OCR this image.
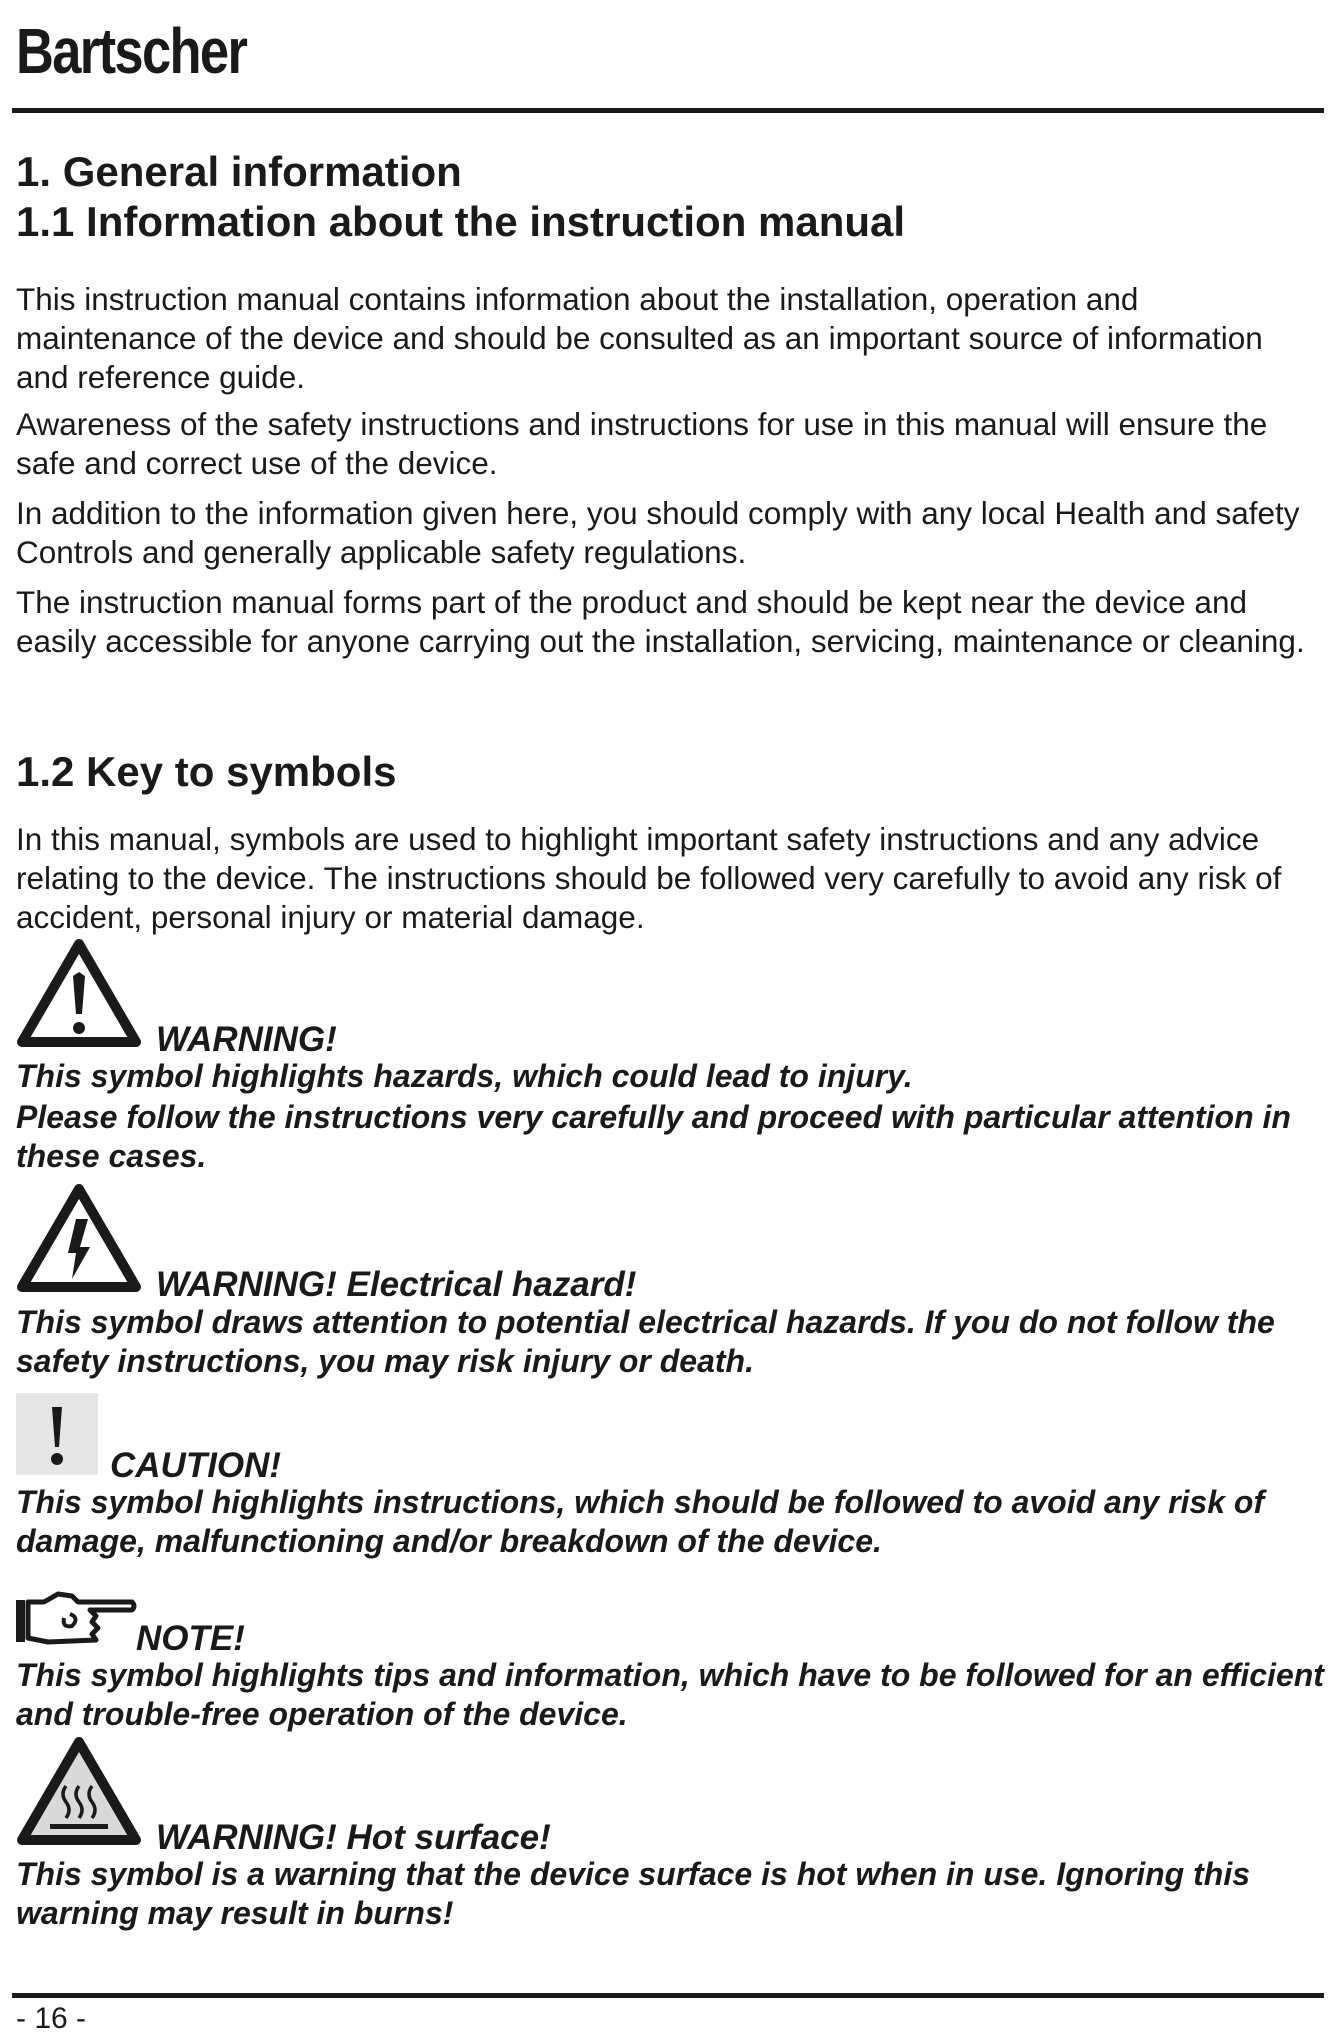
Bartscher
1. General information
1.1 Information about the instruction manual

This instruction manual contains information about the installation, operation and maintenance of the device and should be consulted as an important source of information and reference guide.

Awareness of the safety instructions and instructions for use in this manual will ensure the safe and correct use of the device.

In addition to the information given here, you should comply with any local Health and safety Controls and generally applicable safety regulations.

The instruction manual forms part of the product and should be kept near the device and easily accessible for anyone carrying out the installation, servicing, maintenance or cleaning.

1.2 Key to symbols

In this manual, symbols are used to highlight important safety instructions and any advice relating to the device. The instructions should be followed very carefully to avoid any risk of accident, personal injury or material damage.

WARNING!

This symbol highlights hazards, which could lead to injury.

Please follow the instructions very carefully and proceed with particular attention in these cases.

WARNING! Electrical hazard!

This symbol draws attention to potential electrical hazards. If you do not follow the safety instructions, you may risk injury or death.

CAUTION!

This symbol highlights instructions, which should be followed to avoid any risk of damage, malfunctioning and/or breakdown of the device.

NOTE!

This symbol highlights tips and information, which have to be followed for an efficient and trouble-free operation of the device.

WARNING! Hot surface!

This symbol is a warning that the device surface is hot when in use. Ignoring this warning may result in burns!

- 16 -
